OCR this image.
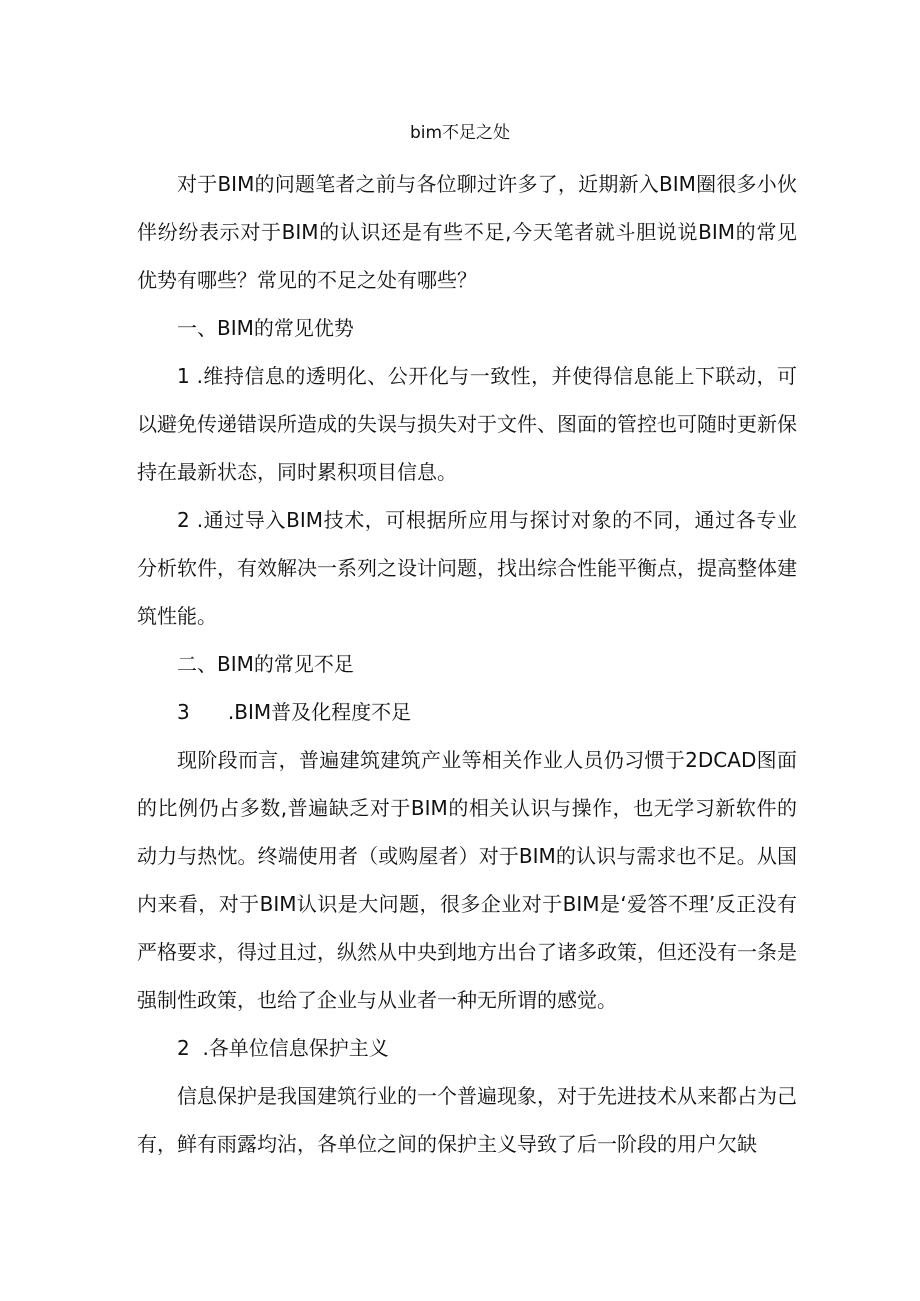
bim不足之处

对于BIM的问题笔者之前与各位聊过许多了，近期新入BIM圈很多小伙伴纷纷表示对于BIM的认识还是有些不足,今天笔者就斗胆说说BIM的常见优势有哪些？常见的不足之处有哪些？

一、BIM的常见优势

1 .维持信息的透明化、公开化与一致性，并使得信息能上下联动，可以避免传递错误所造成的失误与损失对于文件、图面的管控也可随时更新保持在最新状态，同时累积项目信息。

2 .通过导入BIM技术，可根据所应用与探讨对象的不同，通过各专业分析软件，有效解决一系列之设计问题，找出综合性能平衡点，提高整体建筑性能。

二、BIM的常见不足

3      .BIM普及化程度不足

现阶段而言，普遍建筑建筑产业等相关作业人员仍习惯于2DCAD图面的比例仍占多数,普遍缺乏对于BIM的相关认识与操作，也无学习新软件的动力与热忱。终端使用者（或购屋者）对于BIM的认识与需求也不足。从国内来看，对于BIM认识是大问题，很多企业对于BIM是‘爱答不理’反正没有严格要求，得过且过，纵然从中央到地方出台了诸多政策，但还没有一条是强制性政策，也给了企业与从业者一种无所谓的感觉。

2  .各单位信息保护主义

信息保护是我国建筑行业的一个普遍现象，对于先进技术从来都占为己有，鲜有雨露均沾，各单位之间的保护主义导致了后一阶段的用户欠缺
